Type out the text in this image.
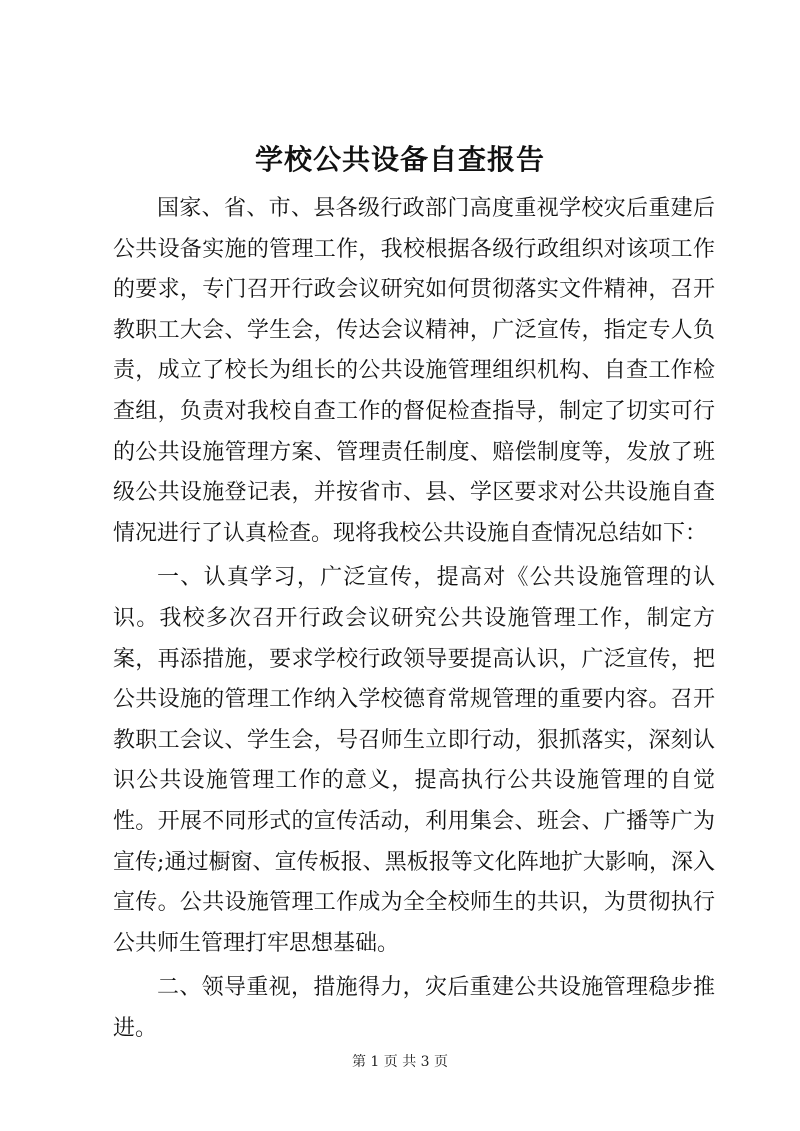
学校公共设备自查报告

国家、省、市、县各级行政部门高度重视学校灾后重建后公共设备实施的管理工作，我校根据各级行政组织对该项工作的要求，专门召开行政会议研究如何贯彻落实文件精神，召开教职工大会、学生会，传达会议精神，广泛宣传，指定专人负责，成立了校长为组长的公共设施管理组织机构、自查工作检查组，负责对我校自查工作的督促检查指导，制定了切实可行的公共设施管理方案、管理责任制度、赔偿制度等，发放了班级公共设施登记表，并按省市、县、学区要求对公共设施自查情况进行了认真检查。现将我校公共设施自查情况总结如下：

一、认真学习，广泛宣传，提高对《公共设施管理的认识。我校多次召开行政会议研究公共设施管理工作，制定方案，再添措施，要求学校行政领导要提高认识，广泛宣传，把公共设施的管理工作纳入学校德育常规管理的重要内容。召开教职工会议、学生会，号召师生立即行动，狠抓落实，深刻认识公共设施管理工作的意义，提高执行公共设施管理的自觉性。开展不同形式的宣传活动，利用集会、班会、广播等广为宣传;通过橱窗、宣传板报、黑板报等文化阵地扩大影响，深入宣传。公共设施管理工作成为全全校师生的共识，为贯彻执行公共师生管理打牢思想基础。

二、领导重视，措施得力，灾后重建公共设施管理稳步推进。

第 1 页 共 3 页
